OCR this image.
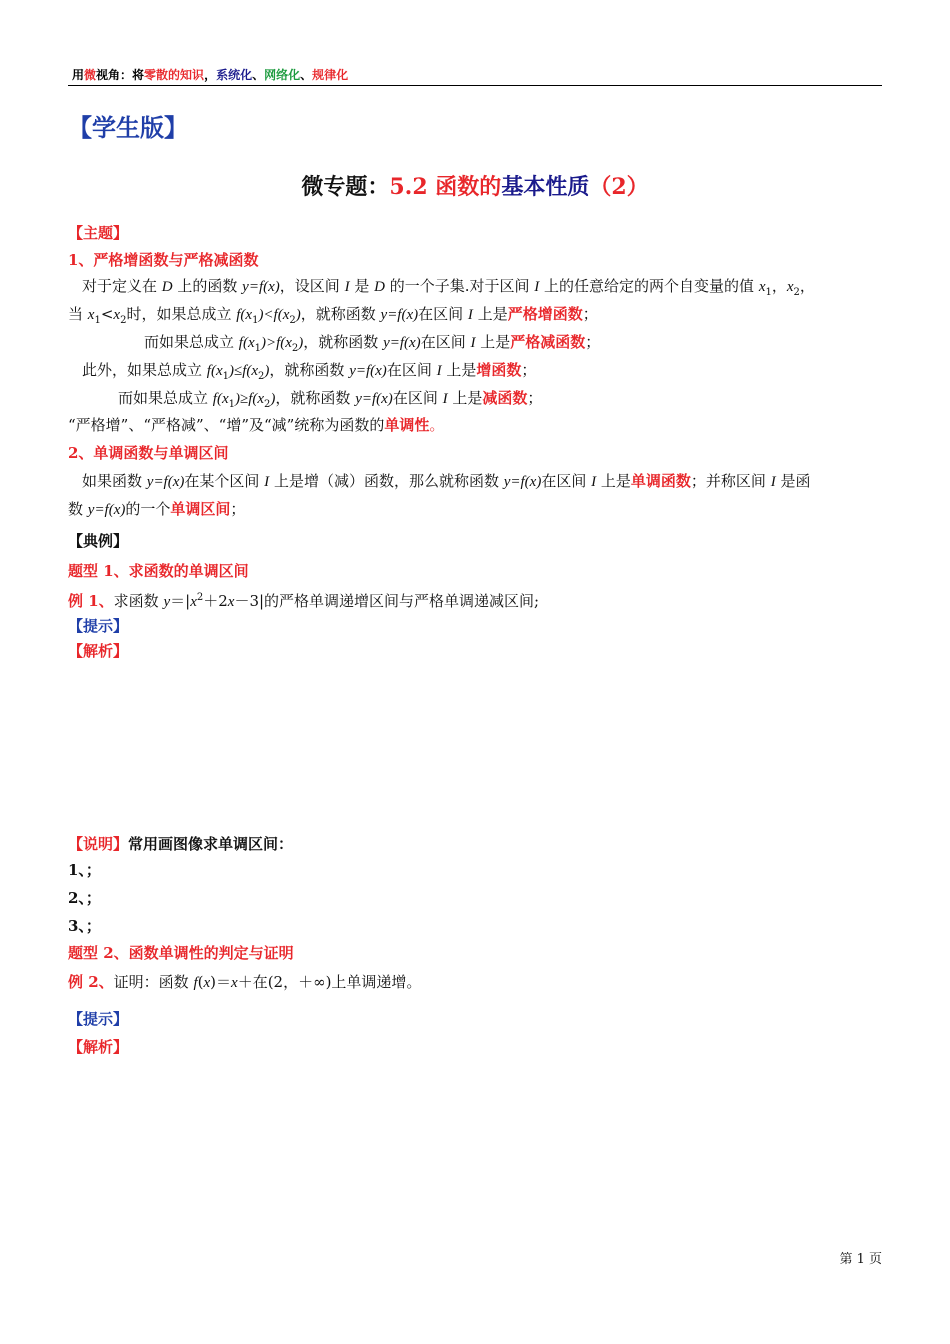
用微视角：将零散的知识，系统化、网络化、规律化
【学生版】
微专题：5.2 函数的基本性质（2）
【主题】
1、严格增函数与严格减函数
对于定义在 D 上的函数 y=f(x)，设区间 I 是 D 的一个子集.对于区间 I 上的任意给定的两个自变量的值 $x_1$，$x_2$，
当 $x_1<x_2$时，如果总成立 $f(x_1)<f(x_2)$，就称函数 y=f(x)在区间 I 上是严格增函数；
而如果总成立 $f(x_1)>f(x_2)$，就称函数 y=f(x)在区间 I 上是严格减函数；
此外，如果总成立 $f(x_1)\le f(x_2)$，就称函数 y=f(x)在区间 I 上是增函数；
而如果总成立 $f(x_1)\ge f(x_2)$，就称函数 y=f(x)在区间 I 上是减函数；
“严格增”、“严格减”、“增”及“减”统称为函数的单调性。
2、单调函数与单调区间
如果函数 y=f(x)在某个区间 I 上是增（减）函数，那么就称函数 y=f(x)在区间 I 上是单调函数；并称区间 I 是函
数 y=f(x)的一个单调区间；
【典例】
题型 1、求函数的单调区间
例 1、求函数 $y=|x^2+2x-3|$的严格单调递增区间与严格单调递减区间;
【提示】
【解析】
【说明】常用画图像求单调区间：
1、；
2、；
3、；
题型 2、函数单调性的判定与证明
例 2、证明：函数 f(x)＝x＋在(2，＋∞)上单调递增。
【提示】
【解析】
第 1 页
